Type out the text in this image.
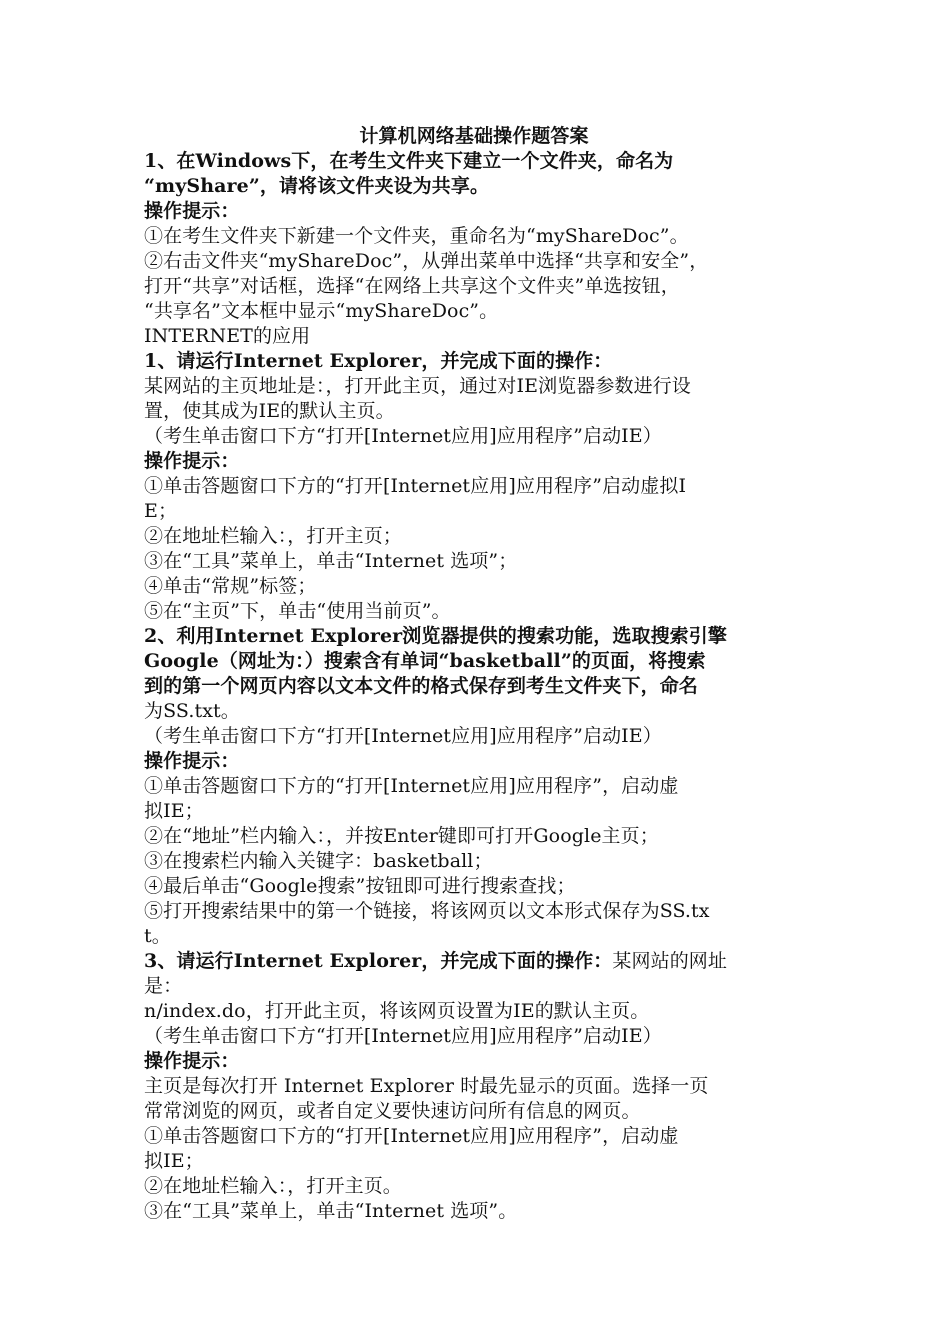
计算机网络基础操作题答案
1、在Windows下，在考生文件夹下建立一个文件夹，命名为
“myShare”，请将该文件夹设为共享。
操作提示：
①在考生文件夹下新建一个文件夹，重命名为“myShareDoc”。
②右击文件夹“myShareDoc”，从弹出菜单中选择“共享和安全”，
打开“共享”对话框，选择“在网络上共享这个文件夹”单选按钮，
“共享名”文本框中显示“myShareDoc”。
INTERNET的应用
1、请运行Internet Explorer，并完成下面的操作：
某网站的主页地址是：，打开此主页，通过对IE浏览器参数进行设
置，使其成为IE的默认主页。
（考生单击窗口下方“打开[Internet应用]应用程序”启动IE）
操作提示：
①单击答题窗口下方的“打开[Internet应用]应用程序”启动虚拟I
E；
②在地址栏输入：，打开主页；
③在“工具”菜单上，单击“Internet 选项”；
④单击“常规”标签；
⑤在“主页”下，单击“使用当前页”。
2、利用Internet Explorer浏览器提供的搜索功能，选取搜索引擎
Google（网址为：）搜索含有单词“basketball”的页面，将搜索
到的第一个网页内容以文本文件的格式保存到考生文件夹下，命名
为SS.txt。
（考生单击窗口下方“打开[Internet应用]应用程序”启动IE）
操作提示：
①单击答题窗口下方的“打开[Internet应用]应用程序”，启动虚
拟IE；
②在“地址”栏内输入：，并按Enter键即可打开Google主页；
③在搜索栏内输入关键字：basketball；
④最后单击“Google搜索”按钮即可进行搜索查找；
⑤打开搜索结果中的第一个链接，将该网页以文本形式保存为SS.tx
t。
3、请运行Internet Explorer，并完成下面的操作：某网站的网址
是：
n/index.do，打开此主页，将该网页设置为IE的默认主页。
（考生单击窗口下方“打开[Internet应用]应用程序”启动IE）
操作提示：
主页是每次打开 Internet Explorer 时最先显示的页面。选择一页
常常浏览的网页，或者自定义要快速访问所有信息的网页。
①单击答题窗口下方的“打开[Internet应用]应用程序”，启动虚
拟IE；
②在地址栏输入：，打开主页。
③在“工具”菜单上，单击“Internet 选项”。
